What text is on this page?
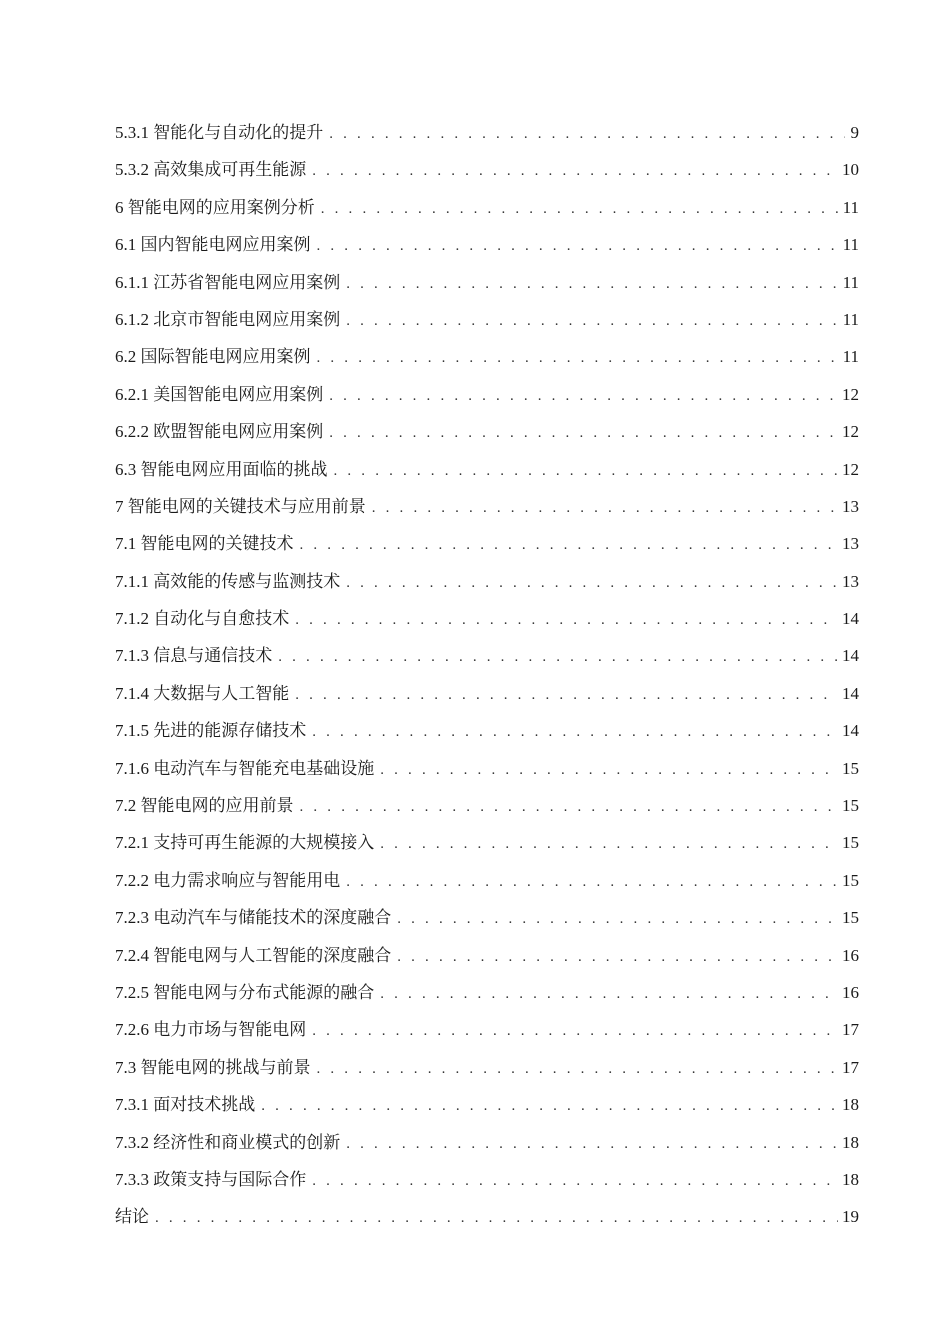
5.3.1 智能化与自动化的提升 . . .	9
5.3.2 高效集成可再生能源 . . .	10
6 智能电网的应用案例分析 . . .	11
6.1 国内智能电网应用案例 . . .	11
6.1.1 江苏省智能电网应用案例 . . .	11
6.1.2 北京市智能电网应用案例 . . .	11
6.2 国际智能电网应用案例 . . .	11
6.2.1 美国智能电网应用案例 . . .	12
6.2.2 欧盟智能电网应用案例 . . .	12
6.3 智能电网应用面临的挑战 . . .	12
7 智能电网的关键技术与应用前景 . . .	13
7.1 智能电网的关键技术 . . .	13
7.1.1 高效能的传感与监测技术 . . .	13
7.1.2 自动化与自愈技术 . . .	14
7.1.3 信息与通信技术 . . .	14
7.1.4 大数据与人工智能 . . .	14
7.1.5 先进的能源存储技术 . . .	14
7.1.6 电动汽车与智能充电基础设施 . . .	15
7.2 智能电网的应用前景 . . .	15
7.2.1 支持可再生能源的大规模接入 . . .	15
7.2.2 电力需求响应与智能用电 . . .	15
7.2.3 电动汽车与储能技术的深度融合 . . .	15
7.2.4 智能电网与人工智能的深度融合 . . .	16
7.2.5 智能电网与分布式能源的融合 . . .	16
7.2.6 电力市场与智能电网 . . .	17
7.3 智能电网的挑战与前景 . . .	17
7.3.1 面对技术挑战 . . .	18
7.3.2 经济性和商业模式的创新 . . .	18
7.3.3 政策支持与国际合作 . . .	18
结论 . . .	19
